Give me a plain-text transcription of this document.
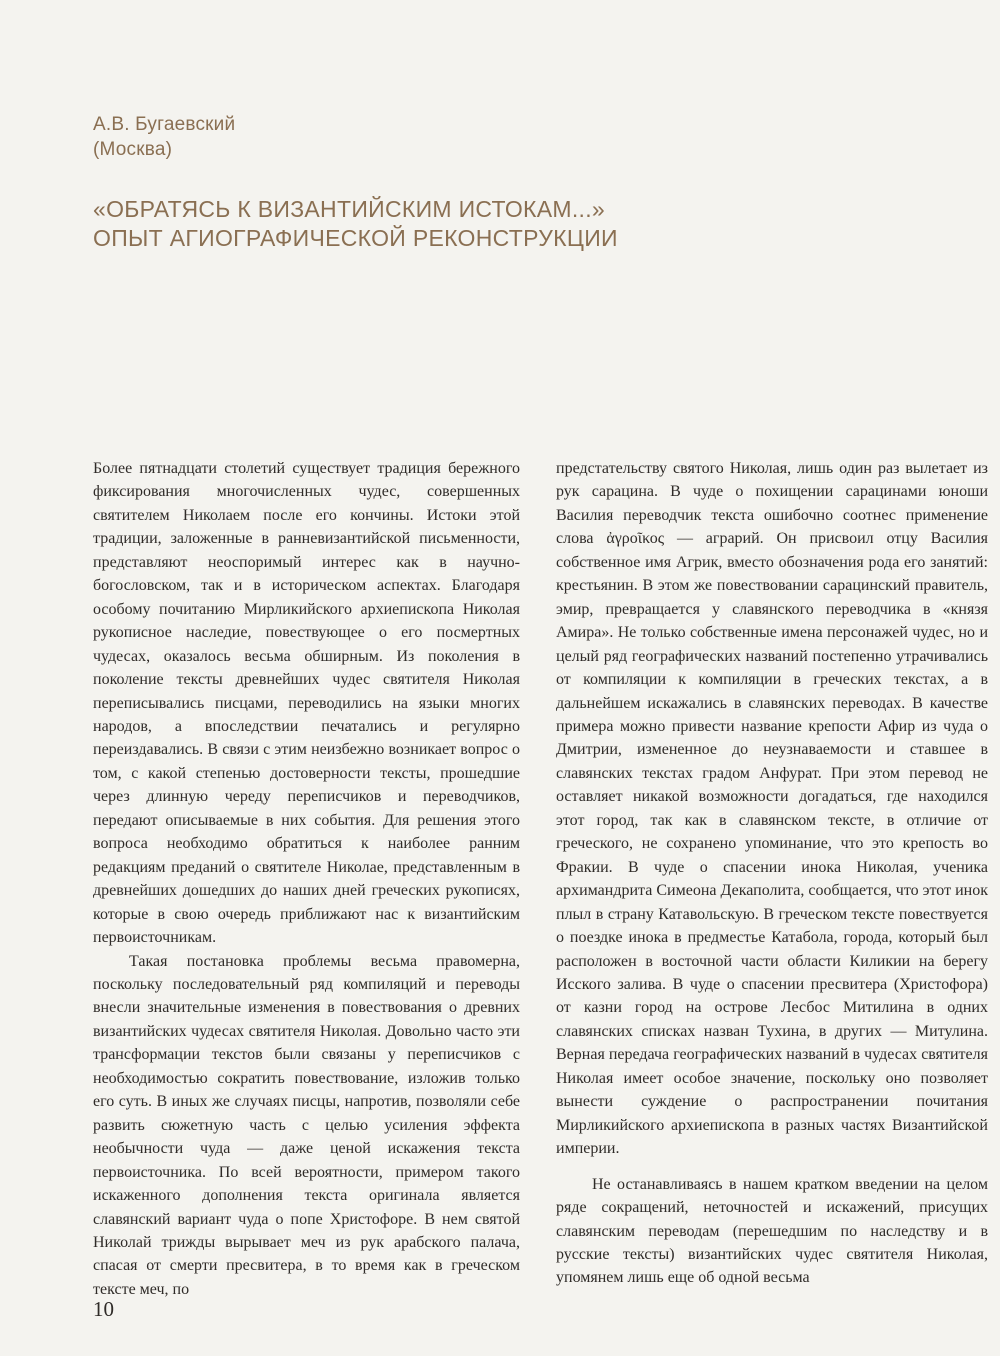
А.В. Бугаевский
(Москва)
«ОБРАТЯСЬ К ВИЗАНТИЙСКИМ ИСТОКАМ...»
ОПЫТ АГИОГРАФИЧЕСКОЙ РЕКОНСТРУКЦИИ

Более пятнадцати столетий существует традиция бережного фиксирования многочисленных чудес, совершенных святителем Николаем после его кончины. Истоки этой традиции, заложенные в ранневизантийской письменности, представляют неоспоримый интерес как в научно-богословском, так и в историческом аспектах. Благодаря особому почитанию Мирликийского архиепископа Николая рукописное наследие, повествующее о его посмертных чудесах, оказалось весьма обширным. Из поколения в поколение тексты древнейших чудес святителя Николая переписывались писцами, переводились на языки многих народов, а впоследствии печатались и регулярно переиздавались. В связи с этим неизбежно возникает вопрос о том, с какой степенью достоверности тексты, прошедшие через длинную череду переписчиков и переводчиков, передают описываемые в них события. Для решения этого вопроса необходимо обратиться к наиболее ранним редакциям преданий о святителе Николае, представленным в древнейших дошедших до наших дней греческих рукописях, которые в свою очередь приближают нас к византийским первоисточникам.

Такая постановка проблемы весьма правомерна, поскольку последовательный ряд компиляций и переводы внесли значительные изменения в повествования о древних византийских чудесах святителя Николая. Довольно часто эти трансформации текстов были связаны у переписчиков с необходимостью сократить повествование, изложив только его суть. В иных же случаях писцы, напротив, позволяли себе развить сюжетную часть с целью усиления эффекта необычности чуда — даже ценой искажения текста первоисточника. По всей вероятности, примером такого искаженного дополнения текста оригинала является славянский вариант чуда о попе Христофоре. В нем святой Николай трижды вырывает меч из рук арабского палача, спасая от смерти пресвитера, в то время как в греческом тексте меч, по

предстательству святого Николая, лишь один раз вылетает из рук сарацина. В чуде о похищении сарацинами юноши Василия переводчик текста ошибочно соотнес применение слова ἀγροῖκος — аграрий. Он присвоил отцу Василия собственное имя Агрик, вместо обозначения рода его занятий: крестьянин. В этом же повествовании сарацинский правитель, эмир, превращается у славянского переводчика в «князя Амира». Не только собственные имена персонажей чудес, но и целый ряд географических названий постепенно утрачивались от компиляции к компиляции в греческих текстах, а в дальнейшем искажались в славянских переводах. В качестве примера можно привести название крепости Афир из чуда о Дмитрии, измененное до неузнаваемости и ставшее в славянских текстах градом Анфурат. При этом перевод не оставляет никакой возможности догадаться, где находился этот город, так как в славянском тексте, в отличие от греческого, не сохранено упоминание, что это крепость во Фракии. В чуде о спасении инока Николая, ученика архимандрита Симеона Декаполита, сообщается, что этот инок плыл в страну Катавольскую. В греческом тексте повествуется о поездке инока в предместье Катабола, города, который был расположен в восточной части области Киликии на берегу Исского залива. В чуде о спасении пресвитера (Христофора) от казни город на острове Лесбос Митилина в одних славянских списках назван Тухина, в других — Митулина. Верная передача географических названий в чудесах святителя Николая имеет особое значение, поскольку оно позволяет вынести суждение о распространении почитания Мирликийского архиепископа в разных частях Византийской империи.

Не останавливаясь в нашем кратком введении на целом ряде сокращений, неточностей и искажений, присущих славянским переводам (перешедшим по наследству и в русские тексты) византийских чудес святителя Николая, упомянем лишь еще об одной весьма

10
